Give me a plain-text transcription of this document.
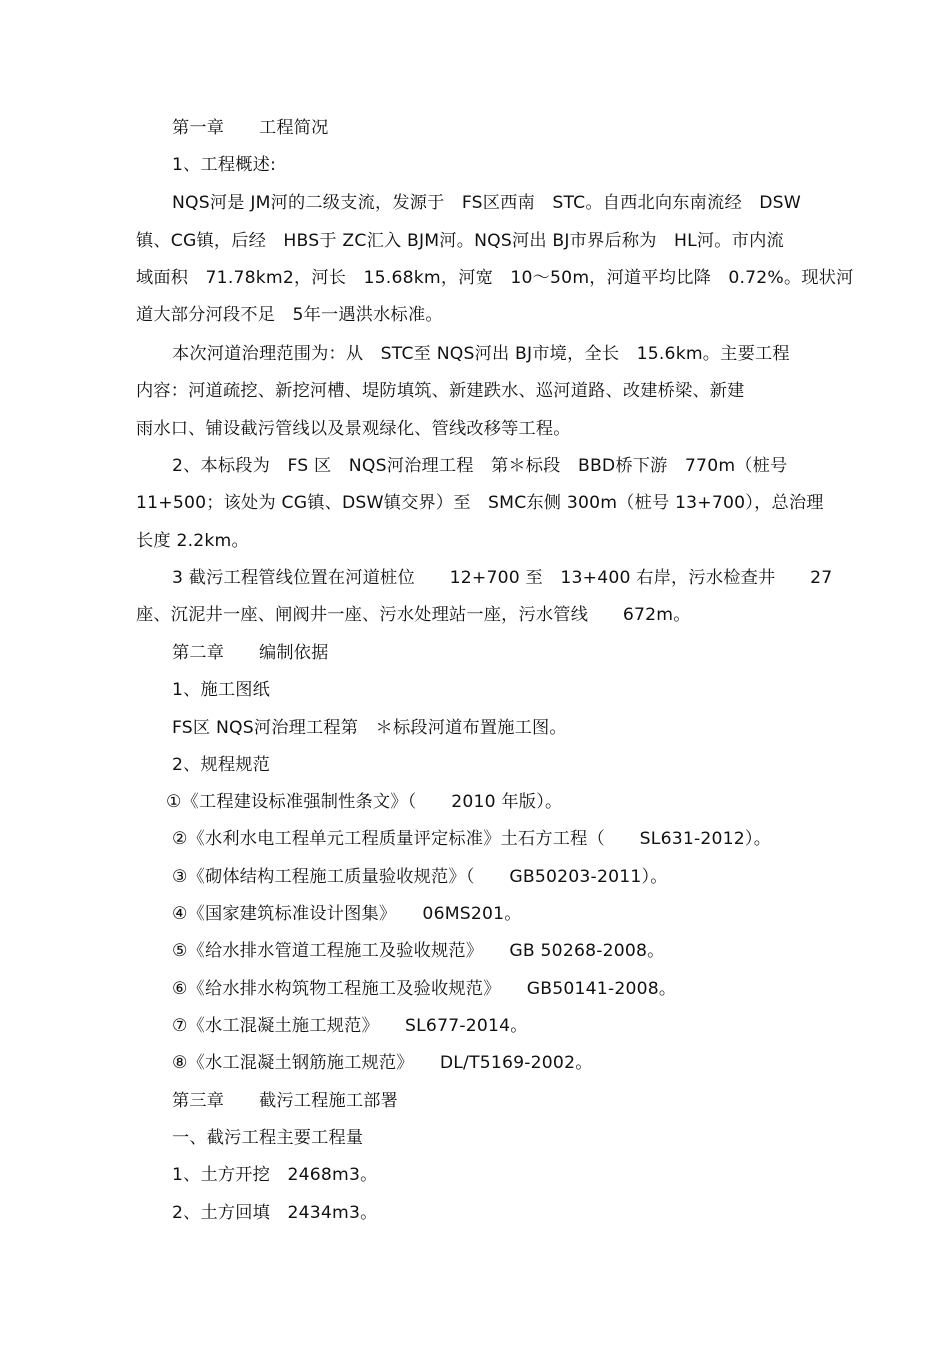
第一章　　工程简况
1、工程概述:
NQS河是 JM河的二级支流，发源于　FS区西南　STC。自西北向东南流经　DSW
镇、CG镇，后经　HBS于 ZC汇入 BJM河。NQS河出 BJ市界后称为　HL河。市内流
域面积　71.78km2，河长　15.68km，河宽　10～50m，河道平均比降　0.72%。现状河
道大部分河段不足　5年一遇洪水标准。
本次河道治理范围为：从　STC至 NQS河出 BJ市境，全长　15.6km。主要工程
内容：河道疏挖、新挖河槽、堤防填筑、新建跌水、巡河道路、改建桥梁、新建
雨水口、铺设截污管线以及景观绿化、管线改移等工程。
2、本标段为　FS 区　NQS河治理工程　第＊标段　BBD桥下游　770m（桩号
11+500；该处为 CG镇、DSW镇交界）至　SMC东侧 300m（桩号 13+700），总治理
长度 2.2km。
3 截污工程管线位置在河道桩位　　12+700 至　13+400 右岸，污水检查井　　27
座、沉泥井一座、闸阀井一座、污水处理站一座，污水管线　　672m。
第二章　　编制依据
1、施工图纸
FS区 NQS河治理工程第　＊标段河道布置施工图。
2、规程规范
①《工程建设标准强制性条文》（　　2010 年版）。
②《水利水电工程单元工程质量评定标准》土石方工程（　　SL631-2012）。
③《砌体结构工程施工质量验收规范》（　　GB50203-2011）。
④《国家建筑标准设计图集》　　06MS201。
⑤《给水排水管道工程施工及验收规范》　　GB 50268-2008。
⑥《给水排水构筑物工程施工及验收规范》　　GB50141-2008。
⑦《水工混凝土施工规范》　　SL677-2014。
⑧《水工混凝土钢筋施工规范》　　DL/T5169-2002。
第三章　　截污工程施工部署
一、截污工程主要工程量
1、土方开挖　2468m3。
2、土方回填　2434m3。
